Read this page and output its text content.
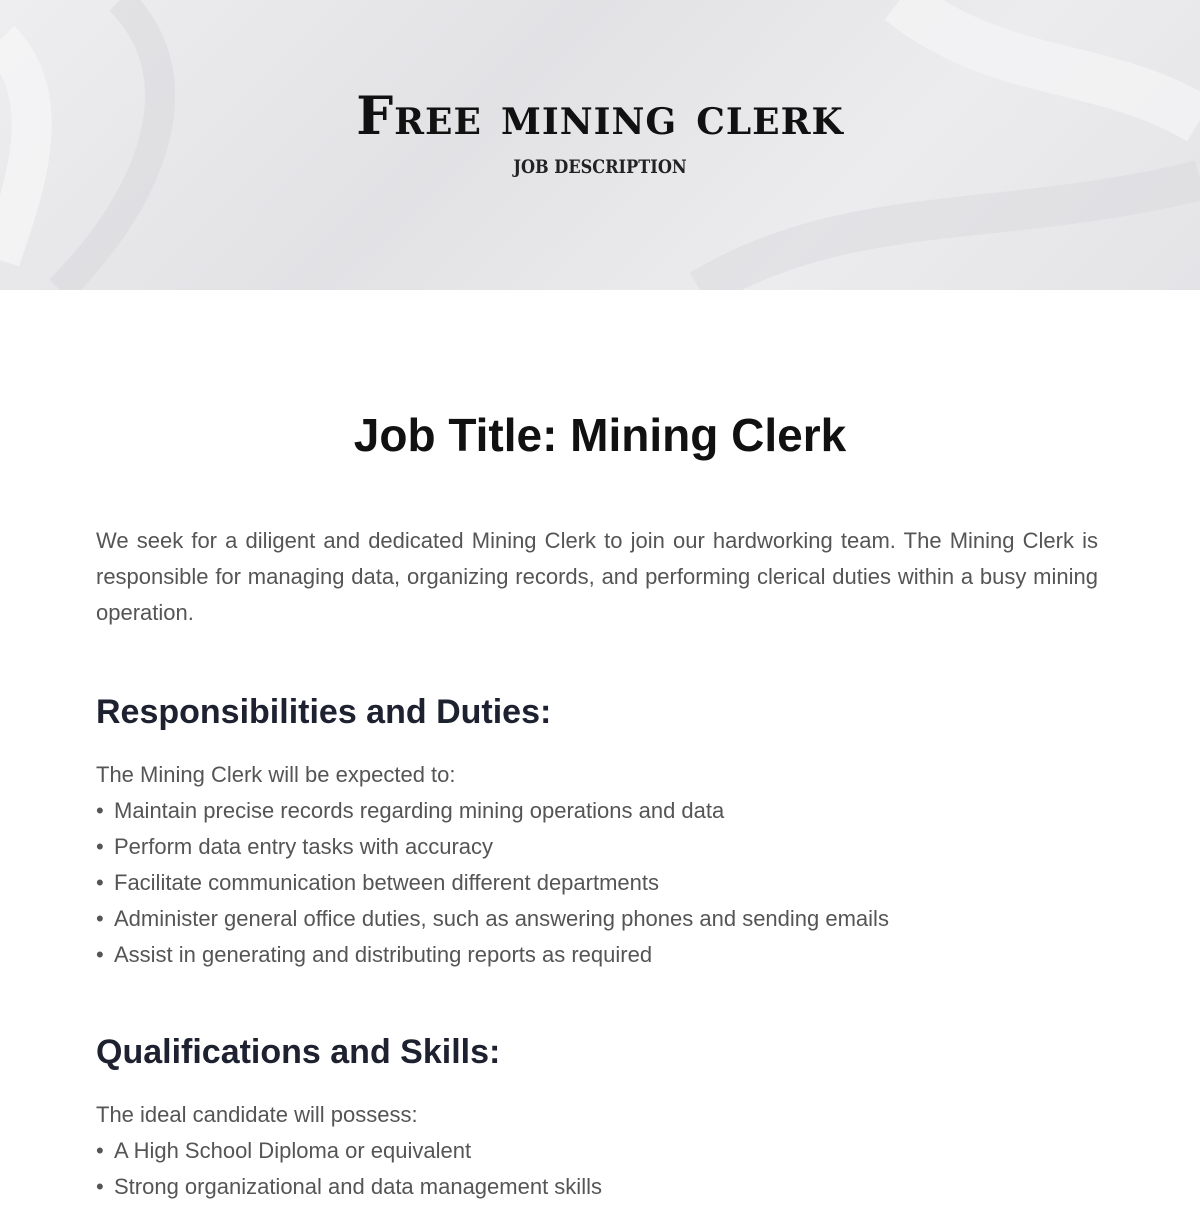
Free mining clerk
JOB DESCRIPTION
Job Title: Mining Clerk

We seek for a diligent and dedicated Mining Clerk to join our hardworking team. The Mining Clerk is responsible for managing data, organizing records, and performing clerical duties within a busy mining operation.

Responsibilities and Duties:
The Mining Clerk will be expected to:
• Maintain precise records regarding mining operations and data
• Perform data entry tasks with accuracy
• Facilitate communication between different departments
• Administer general office duties, such as answering phones and sending emails
• Assist in generating and distributing reports as required
Qualifications and Skills:
The ideal candidate will possess:
• A High School Diploma or equivalent
• Strong organizational and data management skills
